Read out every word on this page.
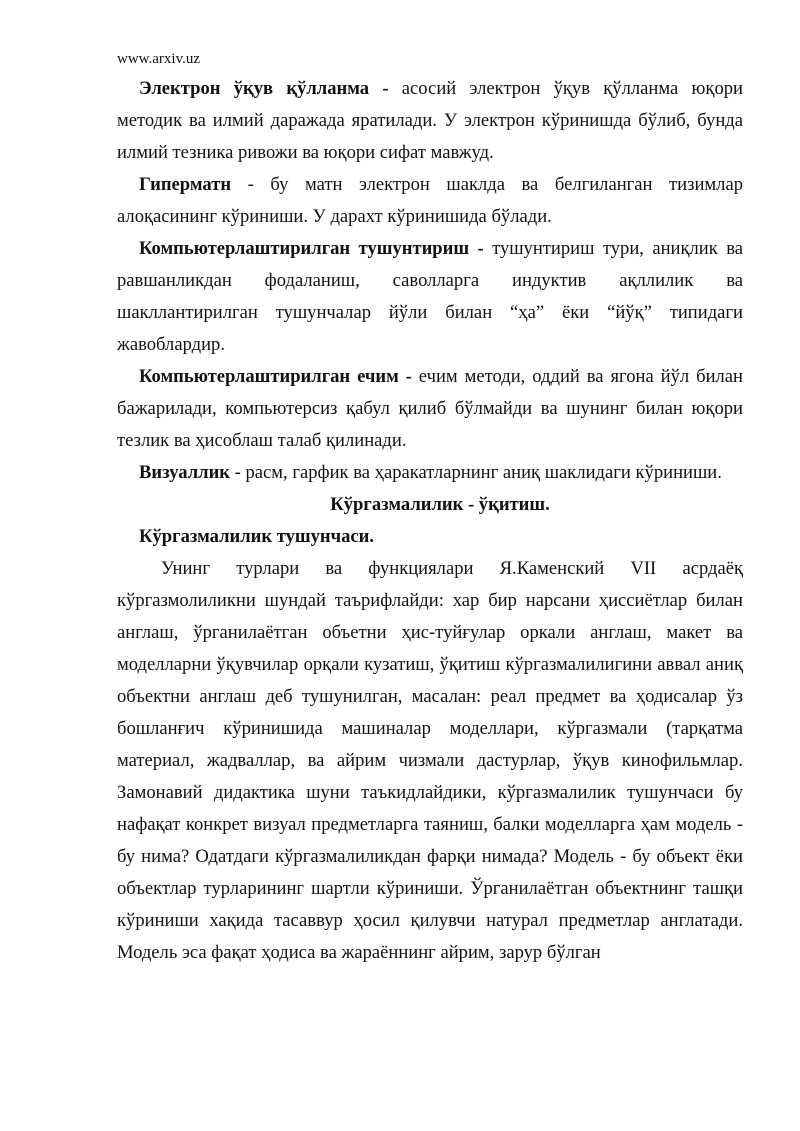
www.arxiv.uz

Электрон ўқув қўлланма - асосий электрон ўқув қўлланма юқори методик ва илмий даражада яратилади. У электрон кўринишда бўлиб, бунда илмий тезника ривожи ва юқори сифат мавжуд.

Гиперматн - бу матн электрон шаклда ва белгиланган тизимлар алоқасининг кўриниши. У дарахт кўринишида бўлади.

Компьютерлаштирилган тушунтириш - тушунтириш тури, аниқлик ва равшанликдан фодаланиш, саволларга индуктив ақллилик ва шакллантирилган тушунчалар йўли билан “ҳа” ёки “йўқ” типидаги жавоблардир.

Компьютерлаштирилган ечим - ечим методи, оддий ва ягона йўл билан бажарилади, компьютерсиз қабул қилиб бўлмайди ва шунинг билан юқори тезлик ва ҳисоблаш талаб қилинади.

Визуаллик - расм, гарфик ва ҳаракатларнинг аниқ шаклидаги кўриниши.

Кўргазмалилик - ўқитиш.

Кўргазмалилик тушунчаси.

Унинг турлари ва функциялари Я.Каменский VII асрдаёқ кўргазмолиликни шундай таърифлайди: хар бир нарсани ҳиссиётлар билан англаш, ўрганилаётган объетни ҳис-туйғулар оркали англаш, макет ва моделларни ўқувчилар орқали кузатиш, ўқитиш кўргазмалилигини аввал аниқ объектни англаш деб тушунилган, масалан: реал предмет ва ҳодисалар ўз бошланғич кўринишида машиналар моделлари, кўргазмали (тарқатма материал, жадваллар, ва айрим чизмали дастурлар, ўқув кинофильмлар. Замонавий дидактика шуни таъкидлайдики, кўргазмалилик тушунчаси бу нафақат конкрет визуал предметларга таяниш, балки моделларга ҳам модель - бу нима? Одатдаги кўргазмалиликдан фарқи нимада? Модель - бу объект ёки объектлар турларининг шартли кўриниши. Ўрганилаётган объектнинг ташқи кўриниши хақида тасаввур ҳосил қилувчи натурал предметлар англатади. Модель эса фақат ҳодиса ва жараённинг айрим, зарур бўлган
